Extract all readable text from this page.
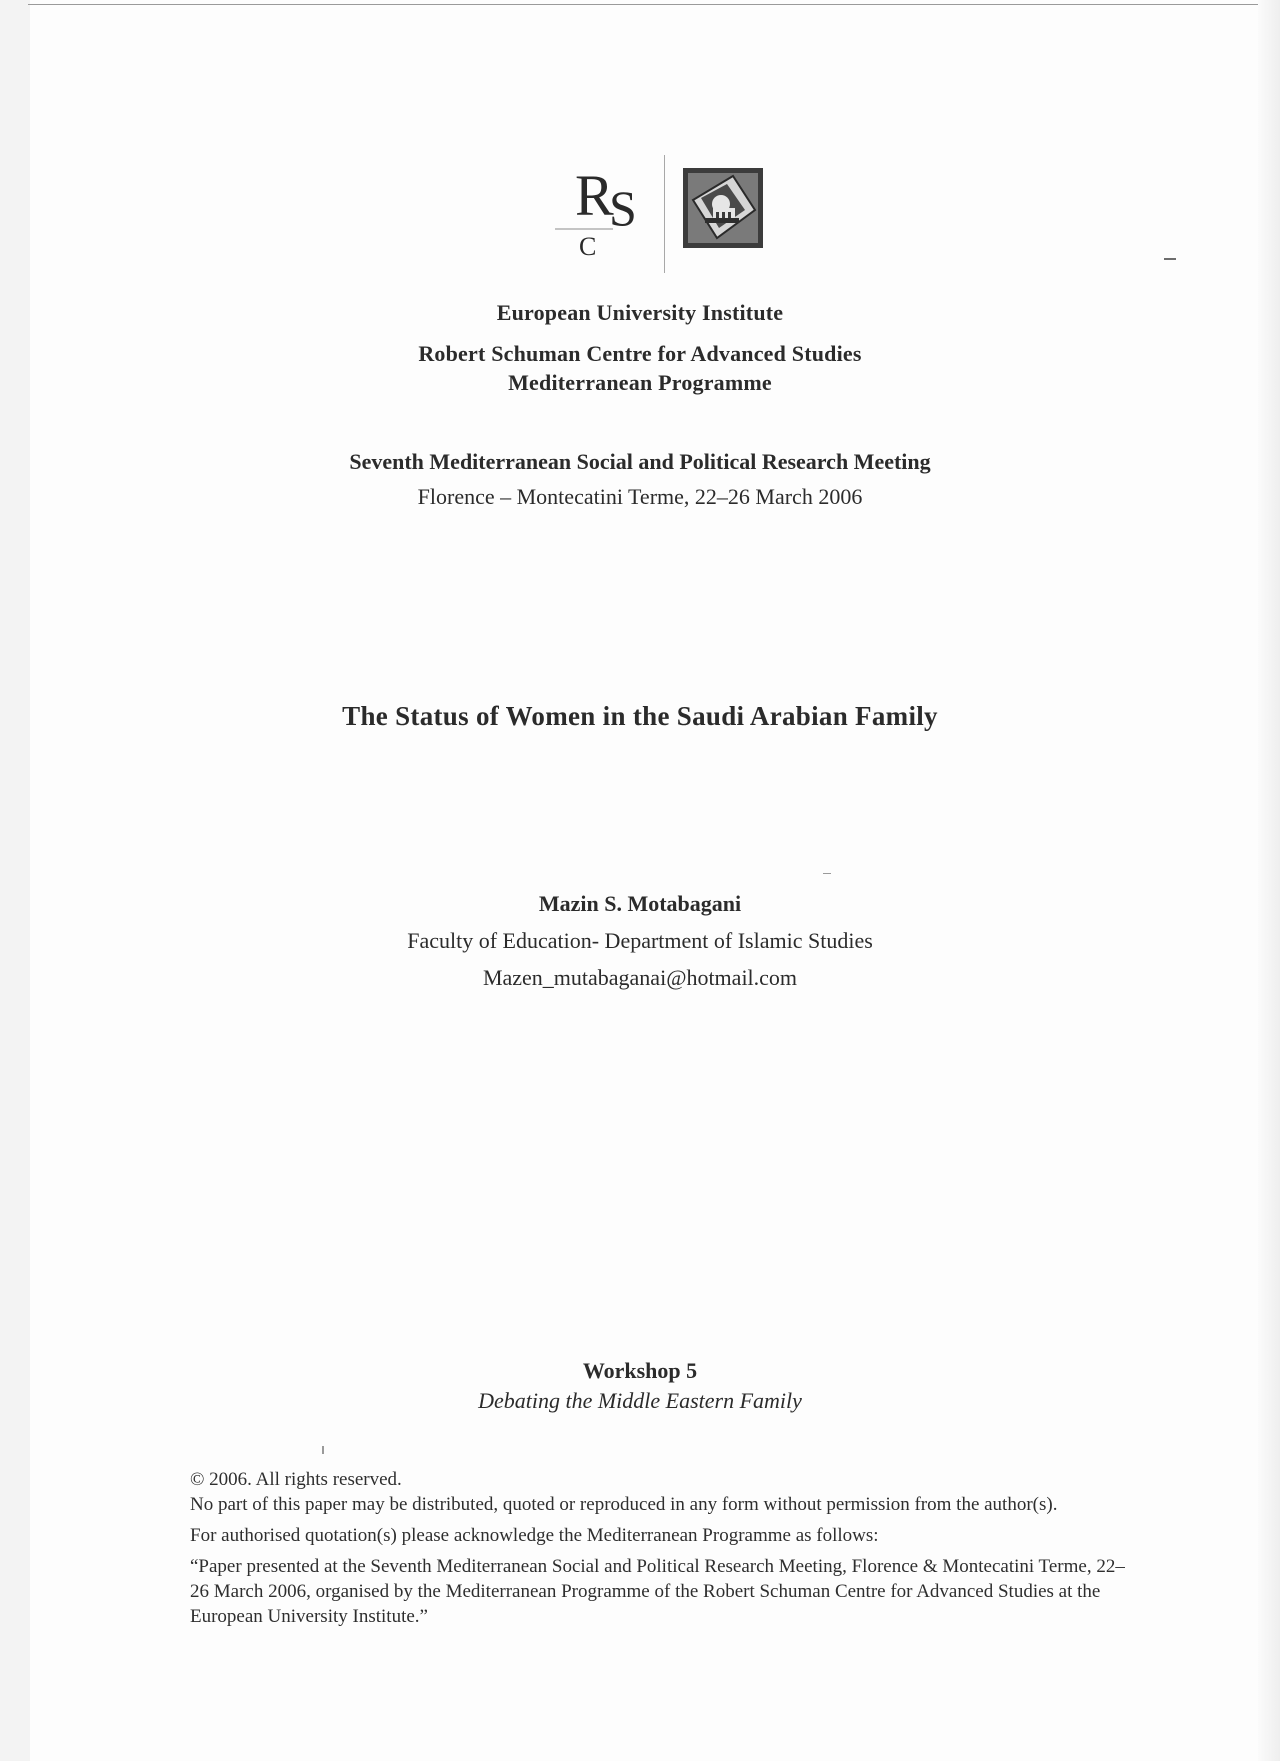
R
S
C
European University Institute
Robert Schuman Centre for Advanced Studies
Mediterranean Programme
Seventh Mediterranean Social and Political Research Meeting
Florence – Montecatini Terme, 22–26 March 2006
The Status of Women in the Saudi Arabian Family
Mazin S. Motabagani
Faculty of Education- Department of Islamic Studies
Mazen_mutabaganai@hotmail.com
Workshop 5
Debating the Middle Eastern Family

© 2006. All rights reserved.

No part of this paper may be distributed, quoted or reproduced in any form without permission from the author(s).

For authorised quotation(s) please acknowledge the Mediterranean Programme as follows:

“Paper presented at the Seventh Mediterranean Social and Political Research Meeting, Florence & Montecatini Terme, 22–26 March 2006, organised by the Mediterranean Programme of the Robert Schuman Centre for Advanced Studies at the European University Institute.”
